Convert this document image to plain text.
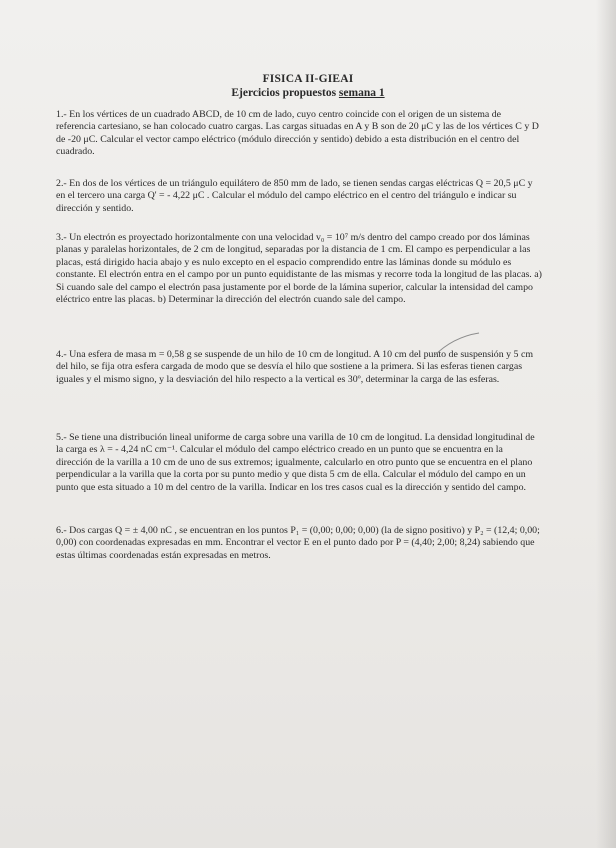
FISICA II-GIEAI
Ejercicios propuestos semana 1
1.- En los vértices de un cuadrado ABCD, de 10 cm de lado, cuyo centro coincide con el origen de un sistema de referencia cartesiano, se han colocado cuatro cargas. Las cargas situadas en A y B son de 20 μC y las de los vértices C y D de -20 μC. Calcular el vector campo eléctrico (módulo dirección y sentido) debido a esta distribución en el centro del cuadrado.
2.- En dos de los vértices de un triángulo equilátero de 850 mm de lado, se tienen sendas cargas eléctricas Q = 20,5 μC y en el tercero una carga Q' = - 4,22 μC . Calcular el módulo del campo eléctrico en el centro del triángulo e indicar su dirección y sentido.
3.- Un electrón es proyectado horizontalmente con una velocidad v₀ = 10⁷ m/s dentro del campo creado por dos láminas planas y paralelas horizontales, de 2 cm de longitud, separadas por la distancia de 1 cm. El campo es perpendicular a las placas, está dirigido hacia abajo y es nulo excepto en el espacio comprendido entre las láminas donde su módulo es constante. El electrón entra en el campo por un punto equidistante de las mismas y recorre toda la longitud de las placas. a) Si cuando sale del campo el electrón pasa justamente por el borde de la lámina superior, calcular la intensidad del campo eléctrico entre las placas. b) Determinar la dirección del electrón cuando sale del campo.
4.- Una esfera de masa m = 0,58 g se suspende de un hilo de 10 cm de longitud. A 10 cm del punto de suspensión y 5 cm del hilo, se fija otra esfera cargada de modo que se desvía el hilo que sostiene a la primera. Si las esferas tienen cargas iguales y el mismo signo, y la desviación del hilo respecto a la vertical es 30º, determinar la carga de las esferas.
5.- Se tiene una distribución lineal uniforme de carga sobre una varilla de 10 cm de longitud. La densidad longitudinal de la carga es λ = - 4,24 nC cm⁻¹. Calcular el módulo del campo eléctrico creado en un punto que se encuentra en la dirección de la varilla a 10 cm de uno de sus extremos; igualmente, calcularlo en otro punto que se encuentra en el plano perpendicular a la varilla que la corta por su punto medio y que dista 5 cm de ella. Calcular el módulo del campo en un punto que esta situado a 10 m del centro de la varilla. Indicar en los tres casos cual es la dirección y sentido del campo.
6.- Dos cargas Q = ± 4,00 nC , se encuentran en los puntos P₁ = (0,00; 0,00; 0,00) (la de signo positivo) y P₂ = (12,4; 0,00; 0,00) con coordenadas expresadas en mm. Encontrar el vector E en el punto dado por P = (4,40; 2,00; 8,24) sabiendo que estas últimas coordenadas están expresadas en metros.
